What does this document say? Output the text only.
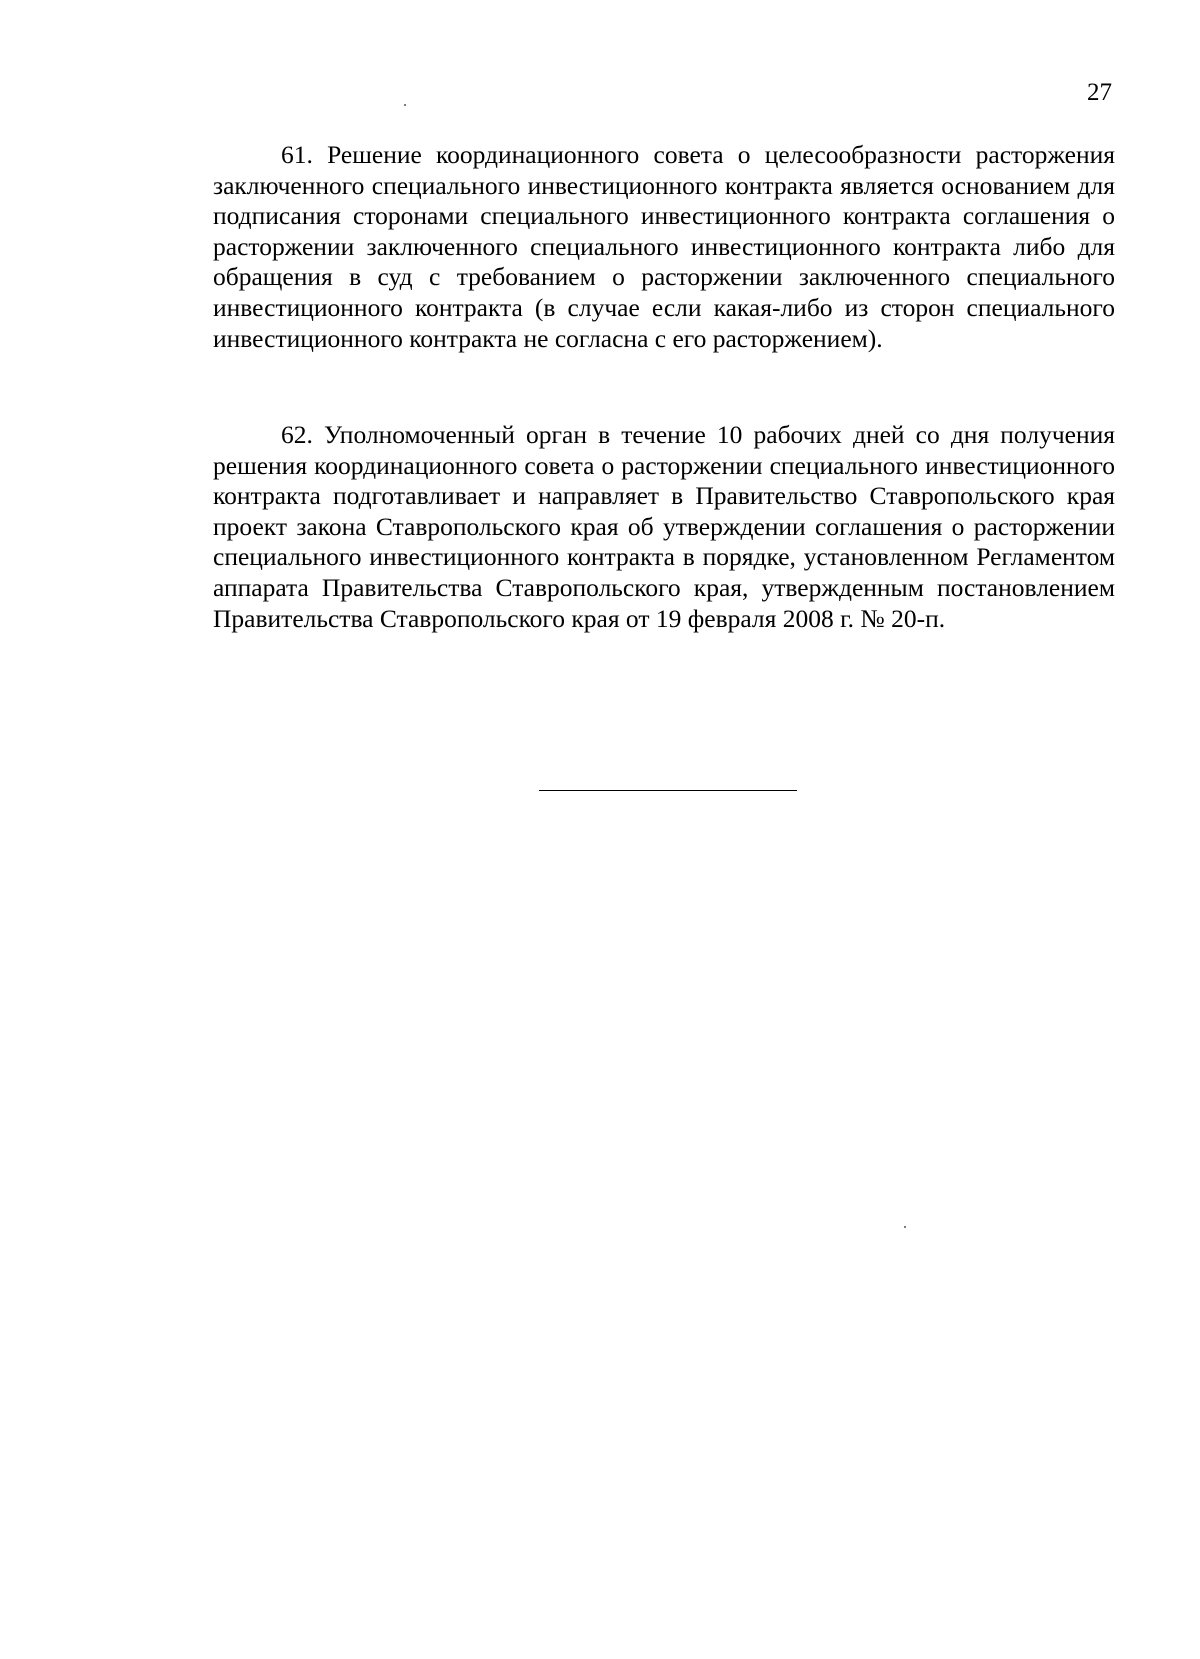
27

61. Решение координационного совета о целесообразности расторжения заключенного специального инвестиционного контракта является основанием для подписания сторонами специального инвестиционного контракта соглашения о расторжении заключенного специального инвестиционного контракта либо для обращения в суд с требованием о расторжении заключенного специального инвестиционного контракта (в случае если какая-либо из сторон специального инвестиционного контракта не согласна с его расторжением).

62. Уполномоченный орган в течение 10 рабочих дней со дня получения решения координационного совета о расторжении специального инвестиционного контракта подготавливает и направляет в Правительство Ставропольского края проект закона Ставропольского края об утверждении соглашения о расторжении специального инвестиционного контракта в порядке, установленном Регламентом аппарата Правительства Ставропольского края, утвержденным постановлением Правительства Ставропольского края от 19 февраля 2008 г. № 20-п.
